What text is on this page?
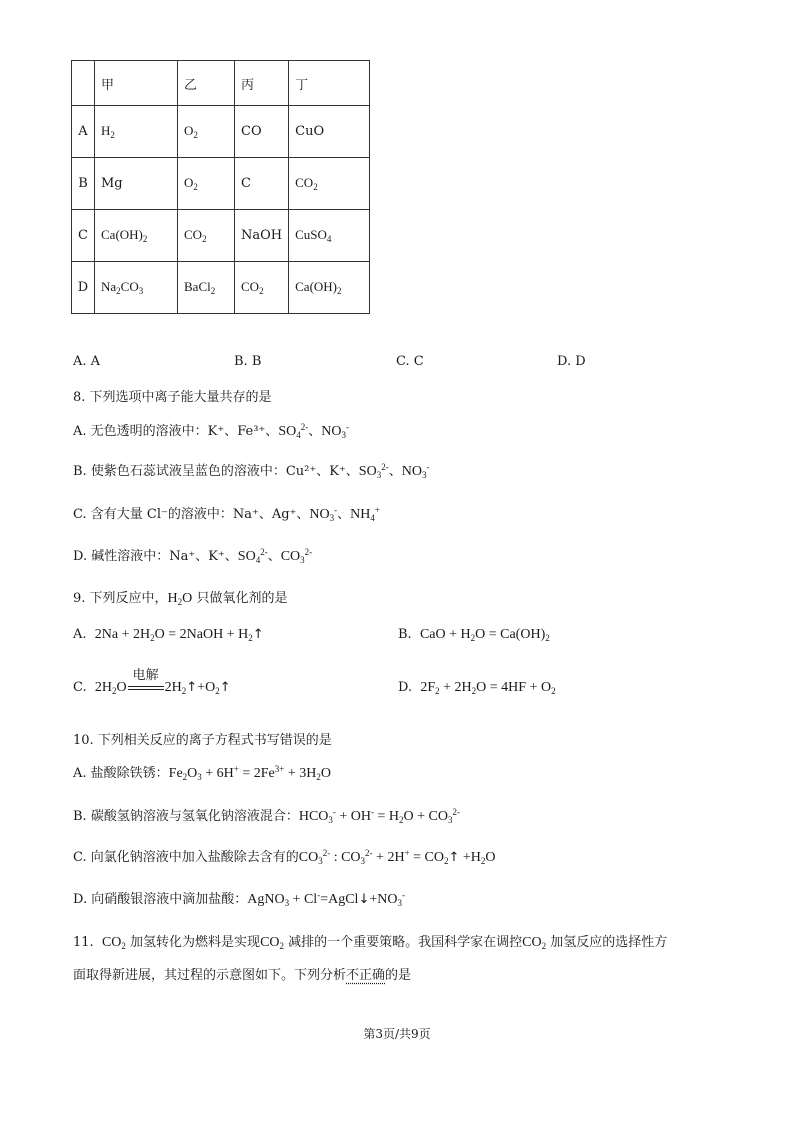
	甲	乙	丙	丁
A	$H_2$	$O_2$	CO	CuO
B	Mg	$O_2$	C	$CO_2$
C	$Ca(OH)_2$	$CO_2$	NaOH	CuSO$_4$
D	$Na_2CO_3$	BaCl$_2$	$CO_2$	$Ca(OH)_2$
A. A	B. B	C. C	D. D
8. 下列选项中离子能大量共存的是
A. 无色透明的溶液中：K⁺、Fe³⁺、$SO_4^{2-}$、$NO_3^-$
B. 使紫色石蕊试液呈蓝色的溶液中：Cu²⁺、K⁺、$SO_3^{2-}$、$NO_3^-$
C. 含有大量 Cl⁻的溶液中：Na⁺、Ag⁺、$NO_3^-$、$NH_4^+$
D. 碱性溶液中：Na⁺、K⁺、$SO_4^{2-}$、$CO_3^{2-}$
9. 下列反应中，$H_2O$ 只做氧化剂的是
A.  $2Na + 2H_2O$ = 2NaOH + $H_2↑$	B.  CaO + $H_2O = Ca(OH)_2$
C.  $2H_2O$
电解
$2H_2↑+O_2↑$	D.  $2F_2 + 2H_2O = 4HF + O_2$
10. 下列相关反应的离子方程式书写错误的是
A. 盐酸除铁锈：$Fe_2O_3 + 6H^+ = 2Fe^{3+} + 3H_2O$
B. 碳酸氢钠溶液与氢氧化钠溶液混合：$HCO_3^- + OH^- = H_2O + CO_3^{2-}$
C. 向氯化钠溶液中加入盐酸除去含有的$CO_3^{2-}$ : $CO_3^{2-} + 2H^+$ = $CO_2↑ +H_2O$
D. 向硝酸银溶液中滴加盐酸：AgNO$_3$ + $Cl^-=AgCl↓+NO_3^-$
11.  $CO_2$ 加氢转化为燃料是实现$CO_2$ 减排的一个重要策略。我国科学家在调控$CO_2$ 加氢反应的选择性方
面取得新进展，其过程的示意图如下。下列分析不正确的是
第3页/共9页
